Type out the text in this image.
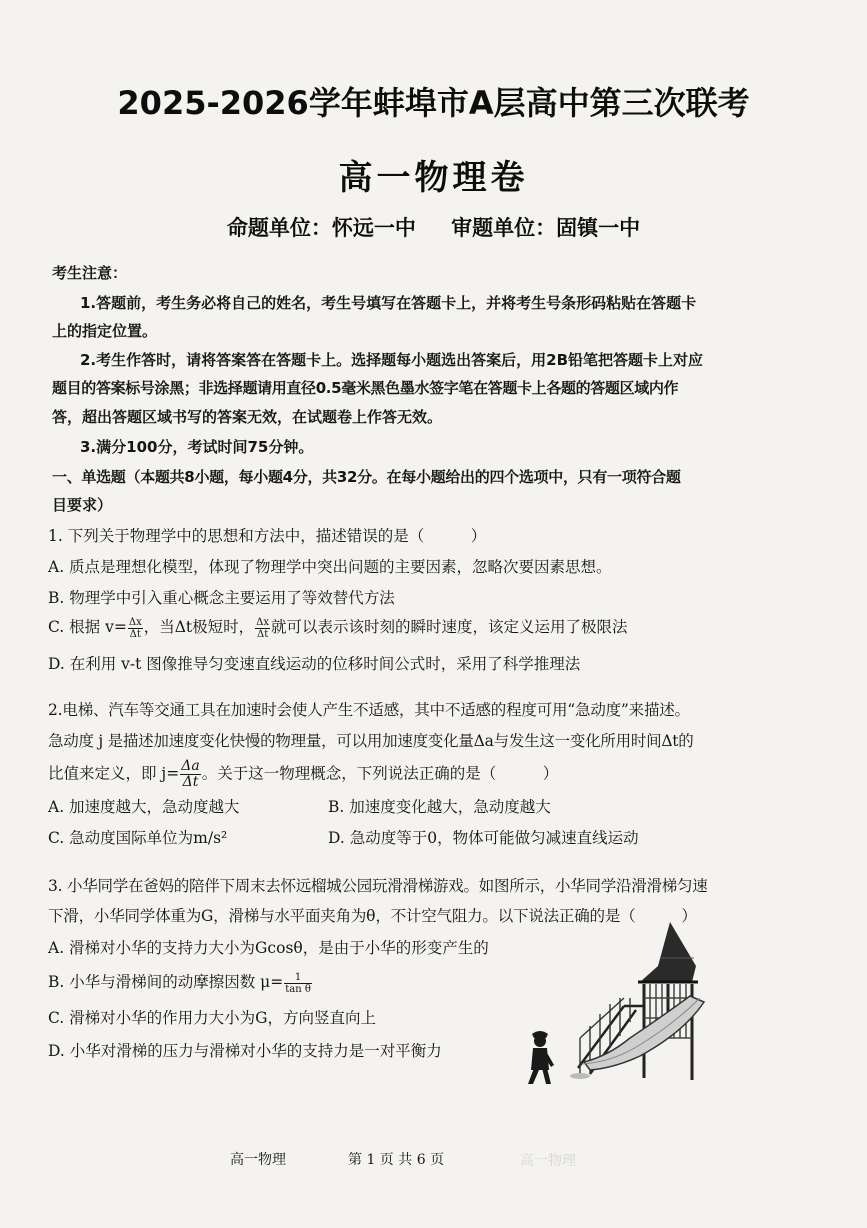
高一物理
2025-2026学年蚌埠市A层高中第三次联考
高一物理卷
命题单位：怀远一中 审题单位：固镇一中
考生注意：
1.答题前，考生务必将自己的姓名，考生号填写在答题卡上，并将考生号条形码粘贴在答题卡
上的指定位置。
2.考生作答时，请将答案答在答题卡上。选择题每小题选出答案后，用2B铅笔把答题卡上对应
题目的答案标号涂黑；非选择题请用直径0.5毫米黑色墨水签字笔在答题卡上各题的答题区域内作
答，超出答题区域书写的答案无效，在试题卷上作答无效。
3.满分100分，考试时间75分钟。
一、单选题（本题共8小题，每小题4分，共32分。在每小题给出的四个选项中，只有一项符合题
目要求）
1. 下列关于物理学中的思想和方法中，描述错误的是（　　　）
A. 质点是理想化模型，体现了物理学中突出问题的主要因素，忽略次要因素思想。
B. 物理学中引入重心概念主要运用了等效替代方法
C. 根据 $v= \frac{\Delta x}{\Delta t}$ ，当Δt极短时， $\frac{\Delta x}{\Delta t}$ 就可以表示该时刻的瞬时速度，该定义运用了极限法
D. 在利用 v-t 图像推导匀变速直线运动的位移时间公式时，采用了科学推理法
2.电梯、汽车等交通工具在加速时会使人产生不适感，其中不适感的程度可用“急动度”来描述。
急动度 j 是描述加速度变化快慢的物理量，可以用加速度变化量Δa与发生这一变化所用时间Δt的
比值来定义，即 $j= \frac{\Delta a}{\Delta t}$ 。关于这一物理概念，下列说法正确的是（　　　）
A. 加速度越大，急动度越大	B. 加速度变化越大，急动度越大
C. 急动度国际单位为m/s²	D. 急动度等于0，物体可能做匀减速直线运动
3. 小华同学在爸妈的陪伴下周末去怀远榴城公园玩滑滑梯游戏。如图所示，小华同学沿滑滑梯匀速
下滑，小华同学体重为G，滑梯与水平面夹角为θ，不计空气阻力。以下说法正确的是（　　　）
A. 滑梯对小华的支持力大小为Gcosθ，是由于小华的形变产生的
B. 小华与滑梯间的动摩擦因数 $\mu= \frac{1}{\text{tan θ}}$
C. 滑梯对小华的作用力大小为G，方向竖直向上
D. 小华对滑梯的压力与滑梯对小华的支持力是一对平衡力
高一物理	第 1 页 共 6 页
